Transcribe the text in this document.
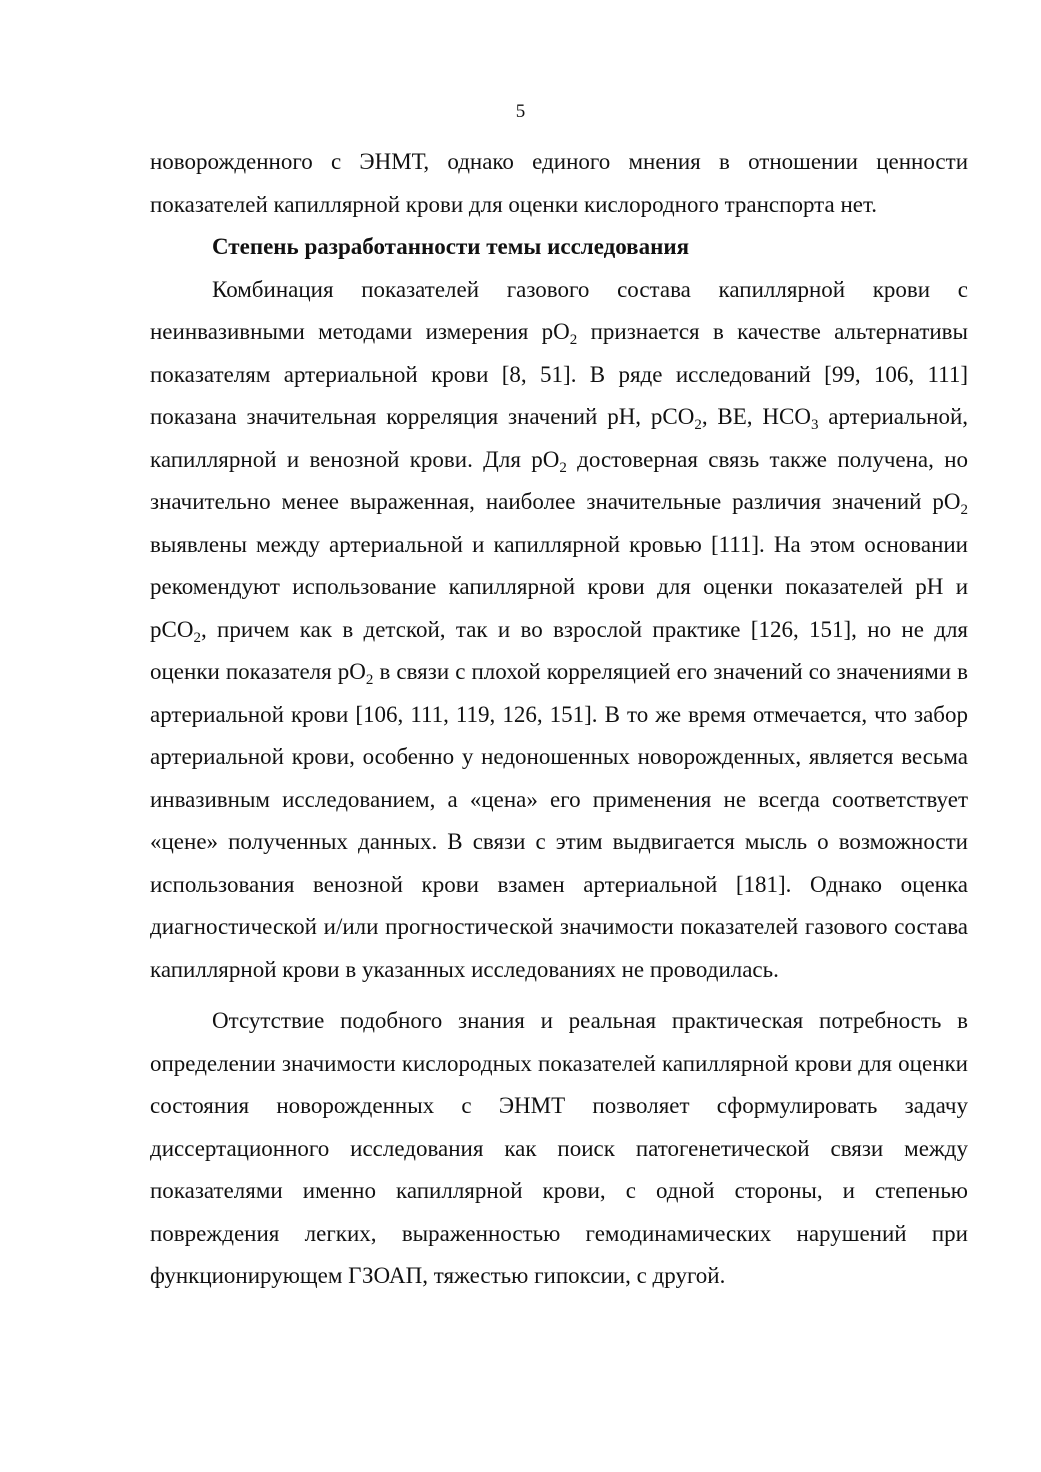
5

новорожденного с ЭНМТ, однако единого мнения в отношении ценности показателей капиллярной крови для оценки кислородного транспорта нет.

Степень разработанности темы исследования

Комбинация показателей газового состава капиллярной крови с неинвазивными методами измерения $pO_2$ признается в качестве альтернативы показателям артериальной крови [8, 51]. В ряде исследований [99, 106, 111] показана значительная корреляция значений pH, pCO$_2$, BE, $HCO_3$ артериальной, капиллярной и венозной крови. Для $pO_2$ достоверная связь также получена, но значительно менее выраженная, наиболее значительные различия значений $pO_2$ выявлены между артериальной и капиллярной кровью [111]. На этом основании рекомендуют использование капиллярной крови для оценки показателей pH и pCO$_2$, причем как в детской, так и во взрослой практике [126, 151], но не для оценки показателя $pO_2$ в связи с плохой корреляцией его значений со значениями в артериальной крови [106, 111, 119, 126, 151]. В то же время отмечается, что забор артериальной крови, особенно у недоношенных новорожденных, является весьма инвазивным исследованием, а «цена» его применения не всегда соответствует «цене» полученных данных. В связи с этим выдвигается мысль о возможности использования венозной крови взамен артериальной [181]. Однако оценка диагностической и/или прогностической значимости показателей газового состава капиллярной крови в указанных исследованиях не проводилась.

Отсутствие подобного знания и реальная практическая потребность в определении значимости кислородных показателей капиллярной крови для оценки состояния новорожденных с ЭНМТ позволяет сформулировать задачу диссертационного исследования как поиск патогенетической связи между показателями именно капиллярной крови, с одной стороны, и степенью повреждения легких, выраженностью гемодинамических нарушений при функционирующем ГЗОАП, тяжестью гипоксии, с другой.
